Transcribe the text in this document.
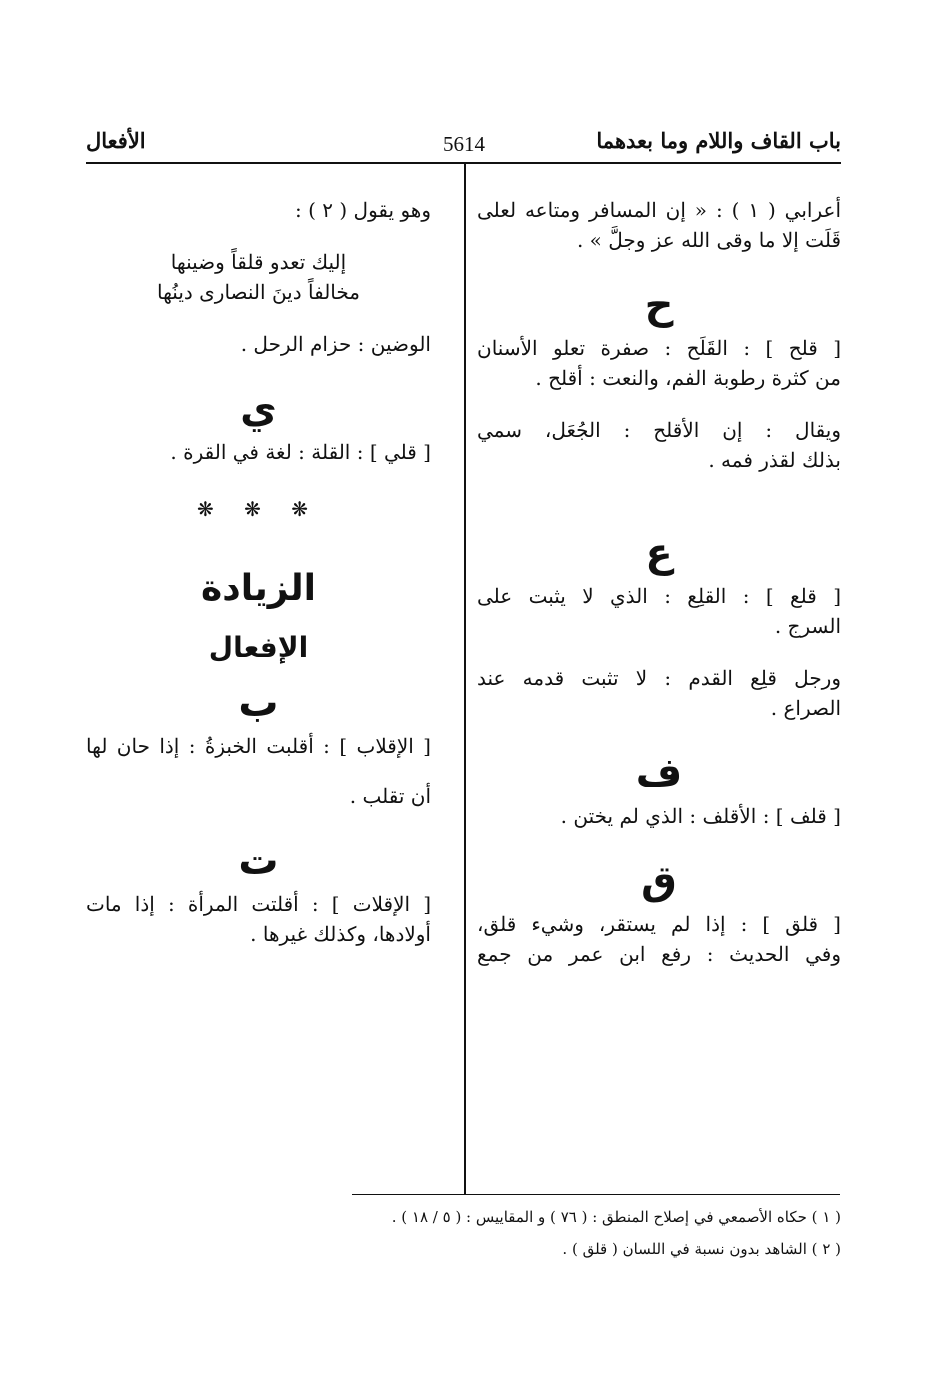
باب القاف واللام وما بعدهما
5614
الأفعال
أعرابي ( ١ ) : « إن المسافر ومتاعه لعلى
قَلَت إلا ما وقى الله عز وجلَّ » .
ح
[ قلح ] : القَلَح : صفرة تعلو الأسنان
من كثرة رطوبة الفم، والنعت : أقلح .
ويقال : إن الأقلح : الجُعَل، سمي
بذلك لقذر فمه .
ع
[ قلع ] : القلِع : الذي لا يثبت على
السرج .
ورجل قلِع القدم : لا تثبت قدمه عند
الصراع .
ف
[ قلف ] : الأقلف : الذي لم يختن .
ق
[ قلق ] : إذا لم يستقر، وشيء قلق،
وفي الحديث : رفع ابن عمر من جمع
وهو يقول ( ٢ ) :
إليك تعدو قلقاً وضينها
مخالفاً دينَ النصارى دينُها
الوضين : حزام الرحل .
ي
[ قلي ] : القلة : لغة في القرة .
❋ ❋ ❋
الزيادة
الإفعال
ب
[ الإقلاب ] : أقلبت الخبزةُ : إذا حان لها
أن تقلب .
ت
[ الإقلات ] : أقلتت المرأة : إذا مات
أولادها، وكذلك غيرها .
( ١ ) حكاه الأصمعي في إصلاح المنطق : ( ٧٦ ) و المقاييس : ( ٥ / ١٨ ) .
( ٢ ) الشاهد بدون نسبة في اللسان ( قلق ) .
